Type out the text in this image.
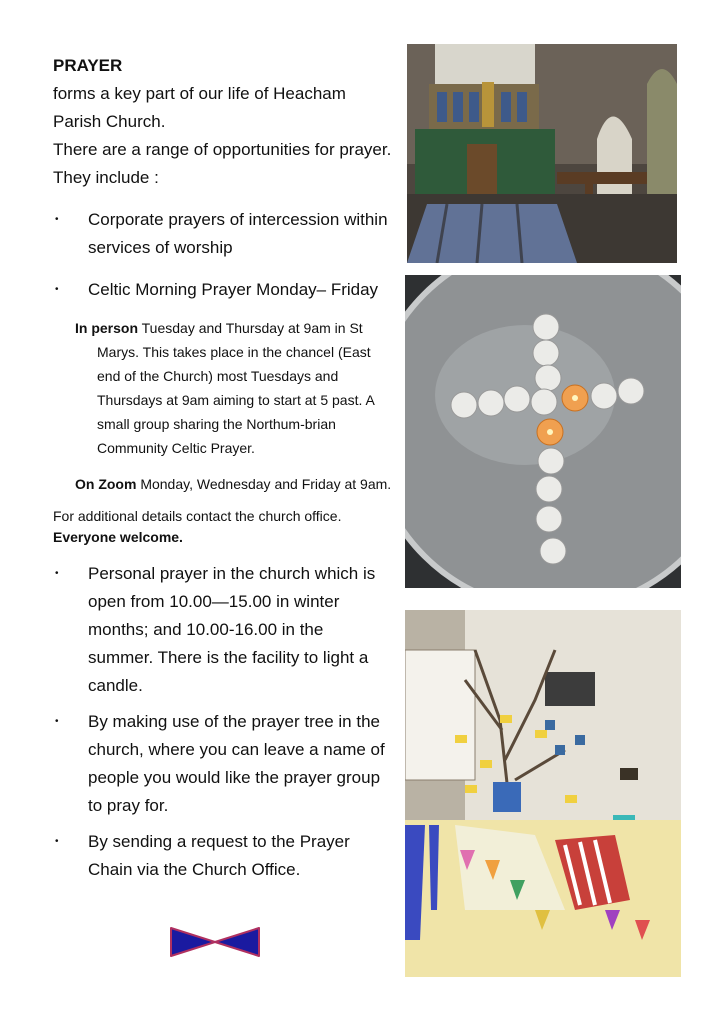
PRAYER

forms a key part of our life of Heacham Parish Church.

There are a range of opportunities for prayer. They include :

• Corporate prayers of intercession within services of worship
• Celtic Morning Prayer Monday– Friday

In person Tuesday and Thursday at 9am in St Marys. This takes place in the chancel (East end of the Church) most Tuesdays and Thursdays at 9am aiming to start at 5 past. A small group sharing the Northum-brian Community Celtic Prayer.

On Zoom Monday, Wednesday and Friday at 9am.

For additional details contact the church office.

Everyone welcome.

• Personal prayer in the church which is open from 10.00—15.00 in winter months; and 10.00-16.00 in the summer. There is the facility to light a candle.
• By making use of the prayer tree in the church, where you can leave a name of people you would like the prayer group to pray for.
• By sending a request to the Prayer Chain via the Church Office.
